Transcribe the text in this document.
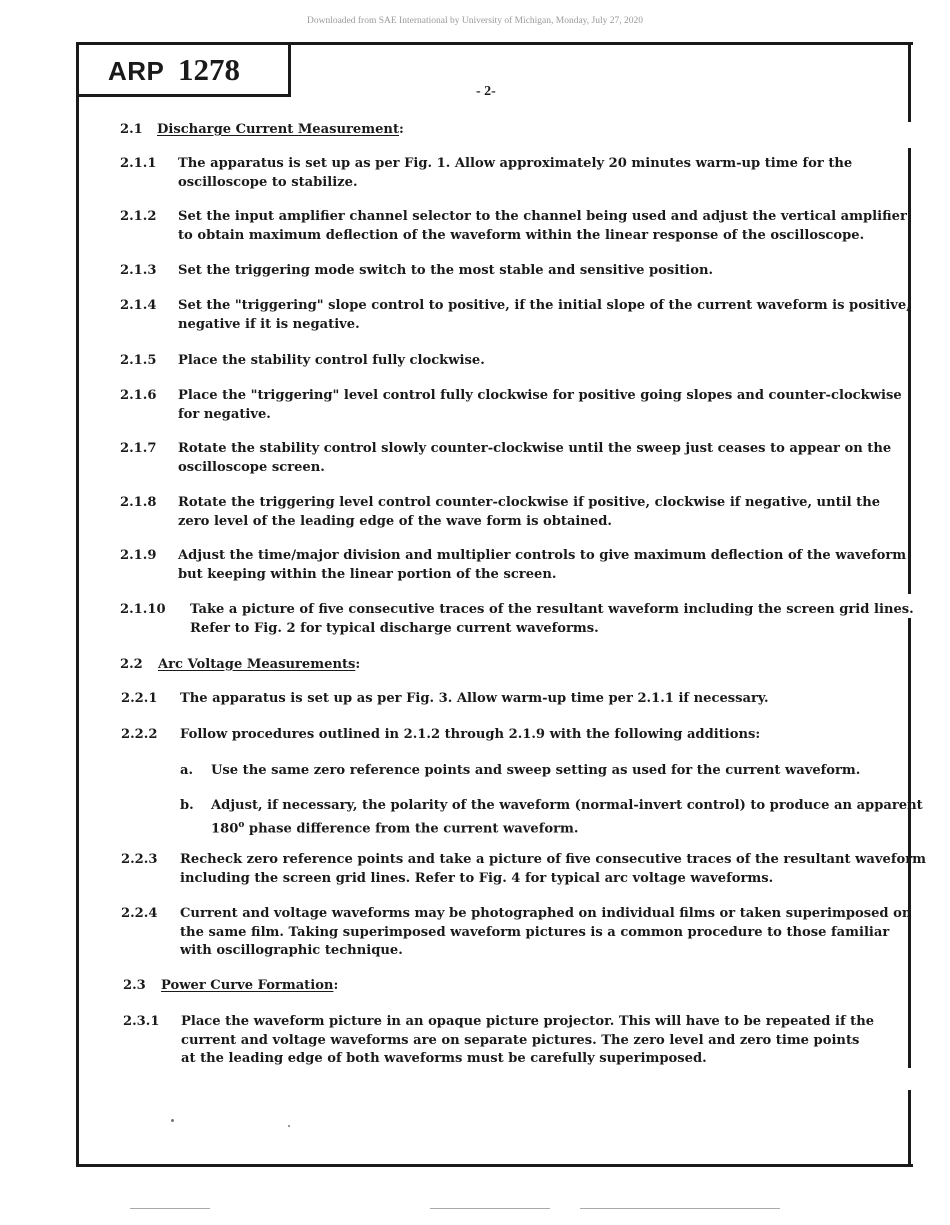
Downloaded from SAE International by University of Michigan, Monday, July 27, 2020
ARP 1278
- 2-
2.1 Discharge Current Measurement:
2.1.1 The apparatus is set up as per Fig. 1. Allow approximately 20 minutes warm-up time for the
oscilloscope to stabilize.
2.1.2 Set the input amplifier channel selector to the channel being used and adjust the vertical amplifier
to obtain maximum deflection of the waveform within the linear response of the oscilloscope.
2.1.3 Set the triggering mode switch to the most stable and sensitive position.
2.1.4 Set the "triggering" slope control to positive, if the initial slope of the current waveform is positive,
negative if it is negative.
2.1.5 Place the stability control fully clockwise.
2.1.6 Place the "triggering" level control fully clockwise for positive going slopes and counter-clockwise
for negative.
2.1.7 Rotate the stability control slowly counter-clockwise until the sweep just ceases to appear on the
oscilloscope screen.
2.1.8 Rotate the triggering level control counter-clockwise if positive, clockwise if negative, until the
zero level of the leading edge of the wave form is obtained.
2.1.9 Adjust the time/major division and multiplier controls to give maximum deflection of the waveform
but keeping within the linear portion of the screen.
2.1.10 Take a picture of five consecutive traces of the resultant waveform including the screen grid lines.
Refer to Fig. 2 for typical discharge current waveforms.
2.2 Arc Voltage Measurements:
2.2.1 The apparatus is set up as per Fig. 3. Allow warm-up time per 2.1.1 if necessary.
2.2.2 Follow procedures outlined in 2.1.2 through 2.1.9 with the following additions:
a. Use the same zero reference points and sweep setting as used for the current waveform.
b. Adjust, if necessary, the polarity of the waveform (normal-invert control) to produce an apparent
180$^o$ phase difference from the current waveform.
2.2.3 Recheck zero reference points and take a picture of five consecutive traces of the resultant waveform
including the screen grid lines. Refer to Fig. 4 for typical arc voltage waveforms.
2.2.4 Current and voltage waveforms may be photographed on individual films or taken superimposed on
the same film. Taking superimposed waveform pictures is a common procedure to those familiar
with oscillographic technique.
2.3 Power Curve Formation:
2.3.1 Place the waveform picture in an opaque picture projector. This will have to be repeated if the
current and voltage waveforms are on separate pictures. The zero level and zero time points
at the leading edge of both waveforms must be carefully superimposed.
